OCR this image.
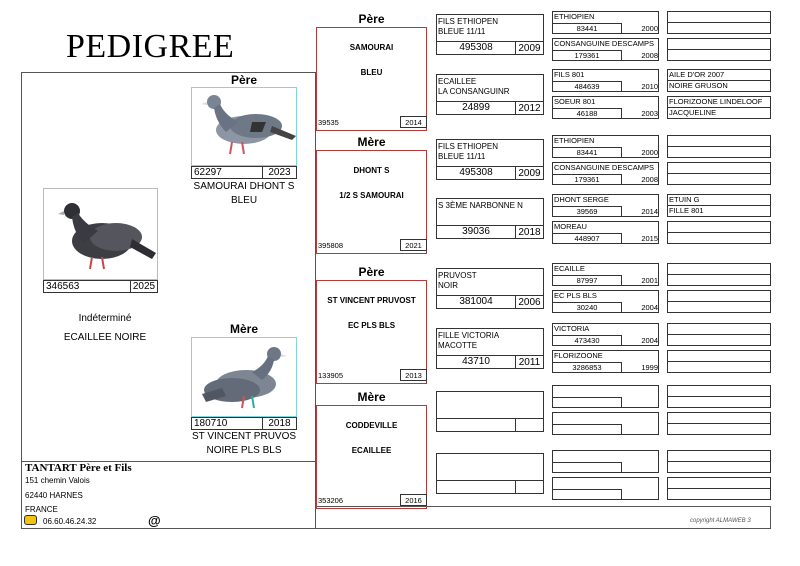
PEDIGREE
346563	2025
Indéterminé
ECAILLEE NOIRE
Père
62297	2023
SAMOURAI DHONT S
BLEU
Mère
180710	2018
ST VINCENT PRUVOS
NOIRE PLS BLS
TANTART Père et Fils
151 chemin Valois
62440 HARNES
FRANCE
06.60.46.24.32	@
Père
SAMOURAI
BLEU
39535	2014
Mère
DHONT S
1/2 S SAMOURAI
395808	2021
Père
ST VINCENT PRUVOST
EC PLS BLS
133905	2013
Mère
CODDEVILLE
ECAILLEE
353206	2016
FILS ETHIOPEN
BLEUE 11/11
495308	2009
ECAILLEE
LA CONSANGUINR
24899	2012
FILS ETHIOPEN
BLEUE 11/11
495308	2009
S 3ÈME NARBONNE N
39036	2018
PRUVOST
NOIR
381004	2006
FILLE VICTORIA
MACOTTE
43710	2011
ETHIOPIEN
83441	2000
CONSANGUINE DESCAMPS
179361	2008
FILS 801
484639	2010
SOEUR 801
46188	2003
ETHIOPIEN
83441	2000
CONSANGUINE DESCAMPS
179361	2008
DHONT SERGE
39569	2014
MOREAU
448907	2015
ECAILLE
87997	2001
EC PLS BLS
30240	2004
VICTORIA
473430	2004
FLORIZOONE
3286853	1999
AILE D'OR 2007
NOIRE GRUSON
FLORIZOONE LINDELOOF
JACQUELINE
ETUIN G
FILLE 801
copyright ALMAWEB 3
